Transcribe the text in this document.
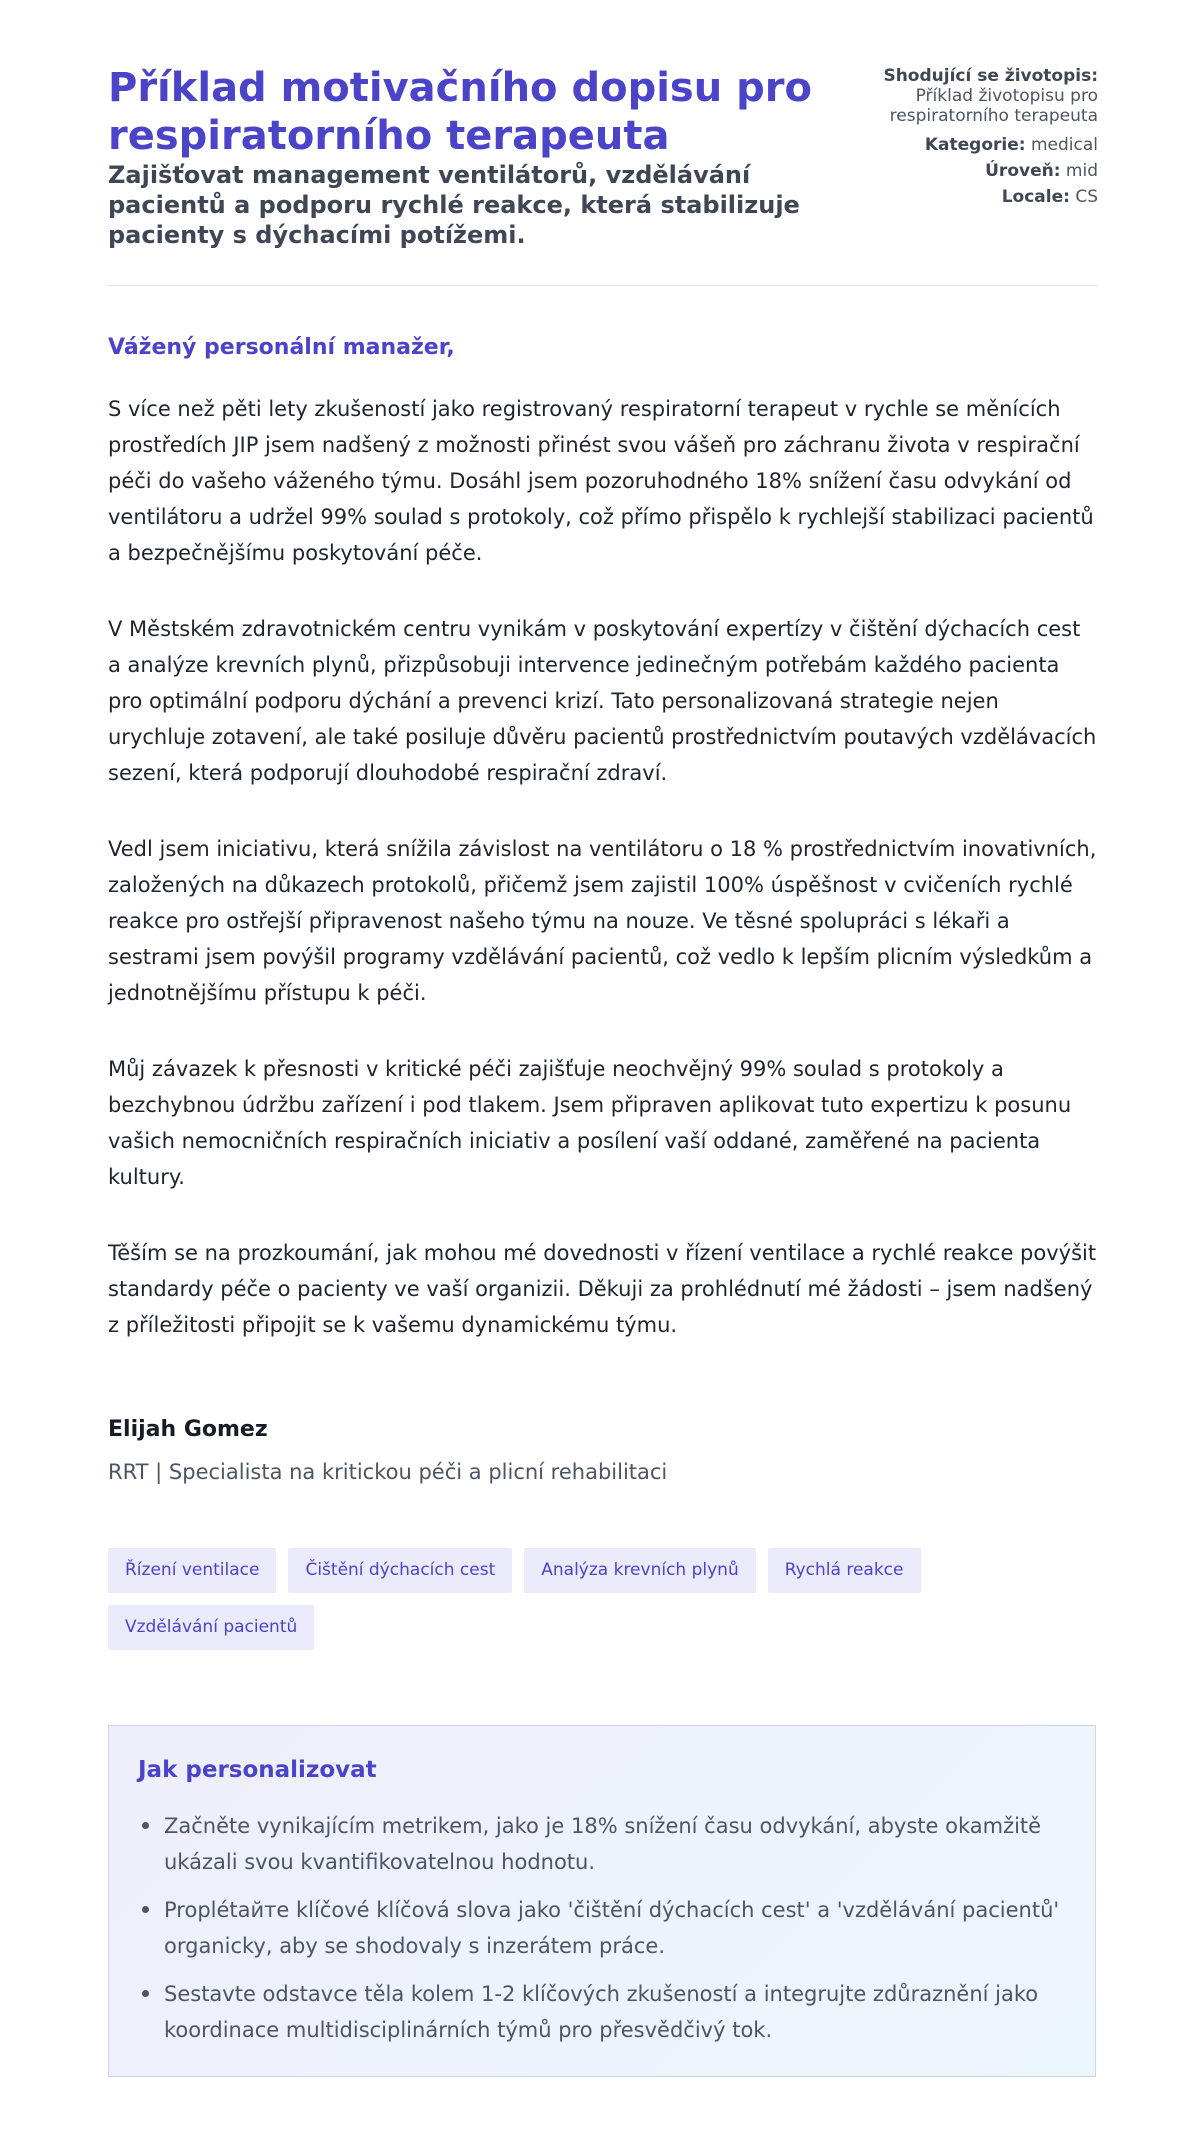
Příklad motivačního dopisu pro respiratorního terapeuta
Zajišťovat management ventilátorů, vzdělávání pacientů a podporu rychlé reakce, která stabilizuje pacienty s dýchacími potížemi.
Shodující se životopis:
Příklad životopisu pro respiratorního terapeuta
Kategorie: medical
Úroveň: mid
Locale: CS

Vážený personální manažer,

S více než pěti lety zkušeností jako registrovaný respiratorní terapeut v rychle se měnících prostředích JIP jsem nadšený z možnosti přinést svou vášeň pro záchranu života v respirační péči do vašeho váženého týmu. Dosáhl jsem pozoruhodného 18% snížení času odvykání od ventilátoru a udržel 99% soulad s protokoly, což přímo přispělo k rychlejší stabilizaci pacientů a bezpečnějšímu poskytování péče.

V Městském zdravotnickém centru vynikám v poskytování expertízy v čištění dýchacích cest a analýze krevních plynů, přizpůsobuji intervence jedinečným potřebám každého pacienta pro optimální podporu dýchání a prevenci krizí. Tato personalizovaná strategie nejen urychluje zotavení, ale také posiluje důvěru pacientů prostřednictvím poutavých vzdělávacích sezení, která podporují dlouhodobé respirační zdraví.

Vedl jsem iniciativu, která snížila závislost na ventilátoru o 18 % prostřednictvím inovativních, založených na důkazech protokolů, přičemž jsem zajistil 100% úspěšnost v cvičeních rychlé reakce pro ostřejší připravenost našeho týmu na nouze. Ve těsné spolupráci s lékaři a sestrami jsem povýšil programy vzdělávání pacientů, což vedlo k lepším plicním výsledkům a jednotnějšímu přístupu k péči.

Můj závazek k přesnosti v kritické péči zajišťuje neochvějný 99% soulad s protokoly a bezchybnou údržbu zařízení i pod tlakem. Jsem připraven aplikovat tuto expertizu k posunu vašich nemocničních respiračních iniciativ a posílení vaší oddané, zaměřené na pacienta kultury.

Těším se na prozkoumání, jak mohou mé dovednosti v řízení ventilace a rychlé reakce povýšit standardy péče o pacienty ve vaší organizii. Děkuji za prohlédnutí mé žádosti – jsem nadšený z příležitosti připojit se k vašemu dynamickému týmu.

Elijah Gomez
RRT | Specialista na kritickou péči a plicní rehabilitaci
Řízení ventilace	Čištění dýchacích cest	Analýza krevních plynů	Rychlá reakce
Vzdělávání pacientů
Jak personalizovat
Začněte vynikajícím metrikem, jako je 18% snížení času odvykání, abyste okamžitě ukázali svou kvantifikovatelnou hodnotu.
Proplétайте klíčové klíčová slova jako 'čištění dýchacích cest' a 'vzdělávání pacientů' organicky, aby se shodovaly s inzerátem práce.
Sestavte odstavce těla kolem 1-2 klíčových zkušeností a integrujte zdůraznění jako koordinace multidisciplinárních týmů pro přesvědčivý tok.
